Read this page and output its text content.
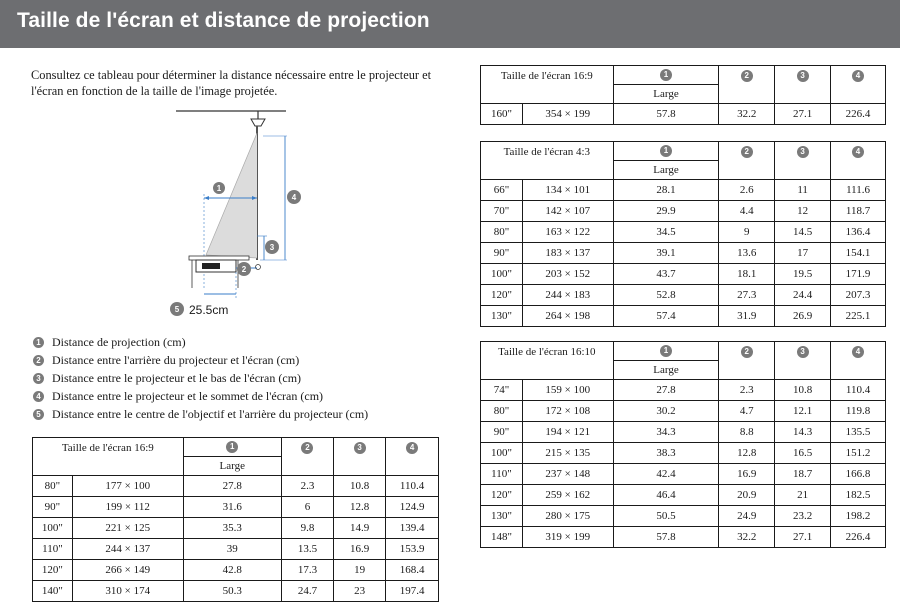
Taille de l'écran et distance de projection
Consultez ce tableau pour déterminer la distance nécessaire entre le projecteur et l'écran en fonction de la taille de l'image projetée.
1
4
3
2
5 25.5cm
1 Distance de projection (cm)
2 Distance entre l'arrière du projecteur et l'écran (cm)
3 Distance entre le projecteur et le bas de l'écran (cm)
4 Distance entre le projecteur et le sommet de l'écran (cm)
5 Distance entre le centre de l'objectif et l'arrière du projecteur (cm)
Taille de l'écran 16:9		1	2	3	4
		Large			
80"	177 × 100	27.8	2.3	10.8	110.4
90"	199 × 112	31.6	6	12.8	124.9
100"	221 × 125	35.3	9.8	14.9	139.4
110"	244 × 137	39	13.5	16.9	153.9
120"	266 × 149	42.8	17.3	19	168.4
140"	310 × 174	50.3	24.7	23	197.4
Taille de l'écran 16:9		1	2	3	4
		Large			
160"	354 × 199	57.8	32.2	27.1	226.4
Taille de l'écran 4:3		1	2	3	4
		Large			
66"	134 × 101	28.1	2.6	11	111.6
70"	142 × 107	29.9	4.4	12	118.7
80"	163 × 122	34.5	9	14.5	136.4
90"	183 × 137	39.1	13.6	17	154.1
100"	203 × 152	43.7	18.1	19.5	171.9
120"	244 × 183	52.8	27.3	24.4	207.3
130"	264 × 198	57.4	31.9	26.9	225.1
Taille de l'écran 16:10		1	2	3	4
		Large			
74"	159 × 100	27.8	2.3	10.8	110.4
80"	172 × 108	30.2	4.7	12.1	119.8
90"	194 × 121	34.3	8.8	14.3	135.5
100"	215 × 135	38.3	12.8	16.5	151.2
110"	237 × 148	42.4	16.9	18.7	166.8
120"	259 × 162	46.4	20.9	21	182.5
130"	280 × 175	50.5	24.9	23.2	198.2
148"	319 × 199	57.8	32.2	27.1	226.4
